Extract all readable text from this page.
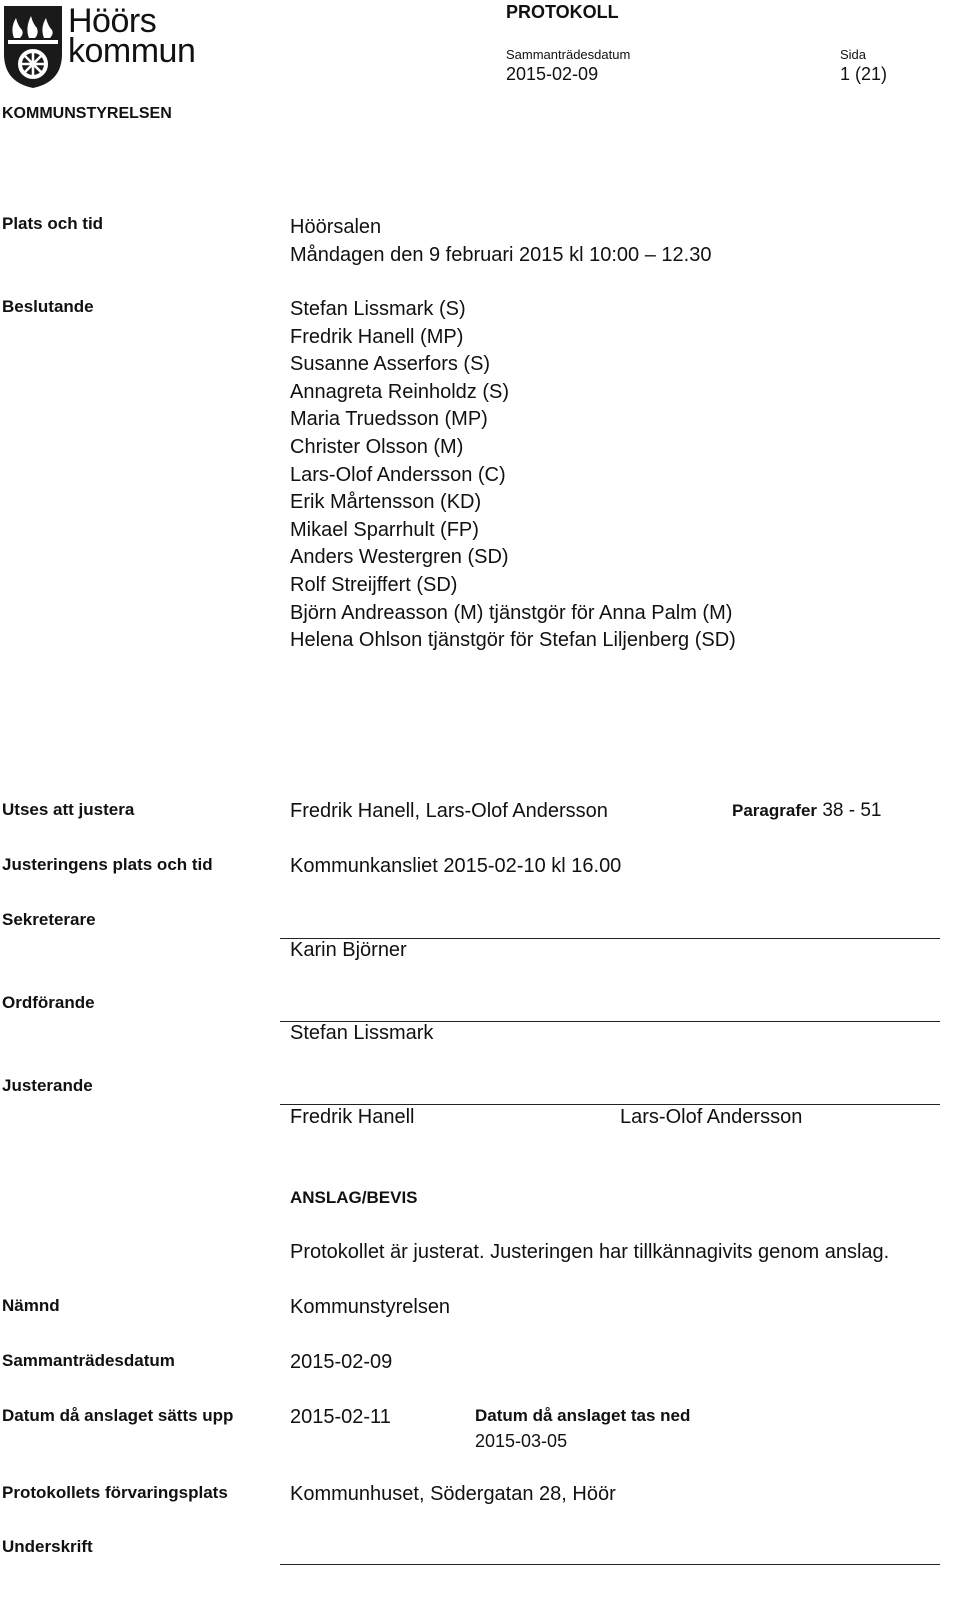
Höörs
kommun
PROTOKOLL
Sammanträdesdatum
2015-02-09
Sida
1 (21)
KOMMUNSTYRELSEN
Plats och tid	Höörsalen
Måndagen den 9 februari 2015 kl 10:00 – 12.30
Beslutande	Stefan Lissmark (S)
Fredrik Hanell (MP)
Susanne Asserfors (S)
Annagreta Reinholdz (S)
Maria Truedsson (MP)
Christer Olsson (M)
Lars-Olof Andersson (C)
Erik Mårtensson (KD)
Mikael Sparrhult (FP)
Anders Westergren (SD)
Rolf Streijffert (SD)
Björn Andreasson (M) tjänstgör för Anna Palm (M)
Helena Ohlson tjänstgör för Stefan Liljenberg (SD)
Utses att justera	Fredrik Hanell, Lars-Olof Andersson	Paragrafer 38 - 51
Justeringens plats och tid	Kommunkansliet 2015-02-10 kl 16.00
Sekreterare
Karin Björner
Ordförande
Stefan Lissmark
Justerande
Fredrik Hanell	Lars-Olof Andersson
ANSLAG/BEVIS
Protokollet är justerat. Justeringen har tillkännagivits genom anslag.
Nämnd	Kommunstyrelsen
Sammanträdesdatum	2015-02-09
Datum då anslaget sätts upp	2015-02-11	Datum då anslaget tas ned
2015-03-05
Protokollets förvaringsplats	Kommunhuset, Södergatan 28, Höör
Underskrift
